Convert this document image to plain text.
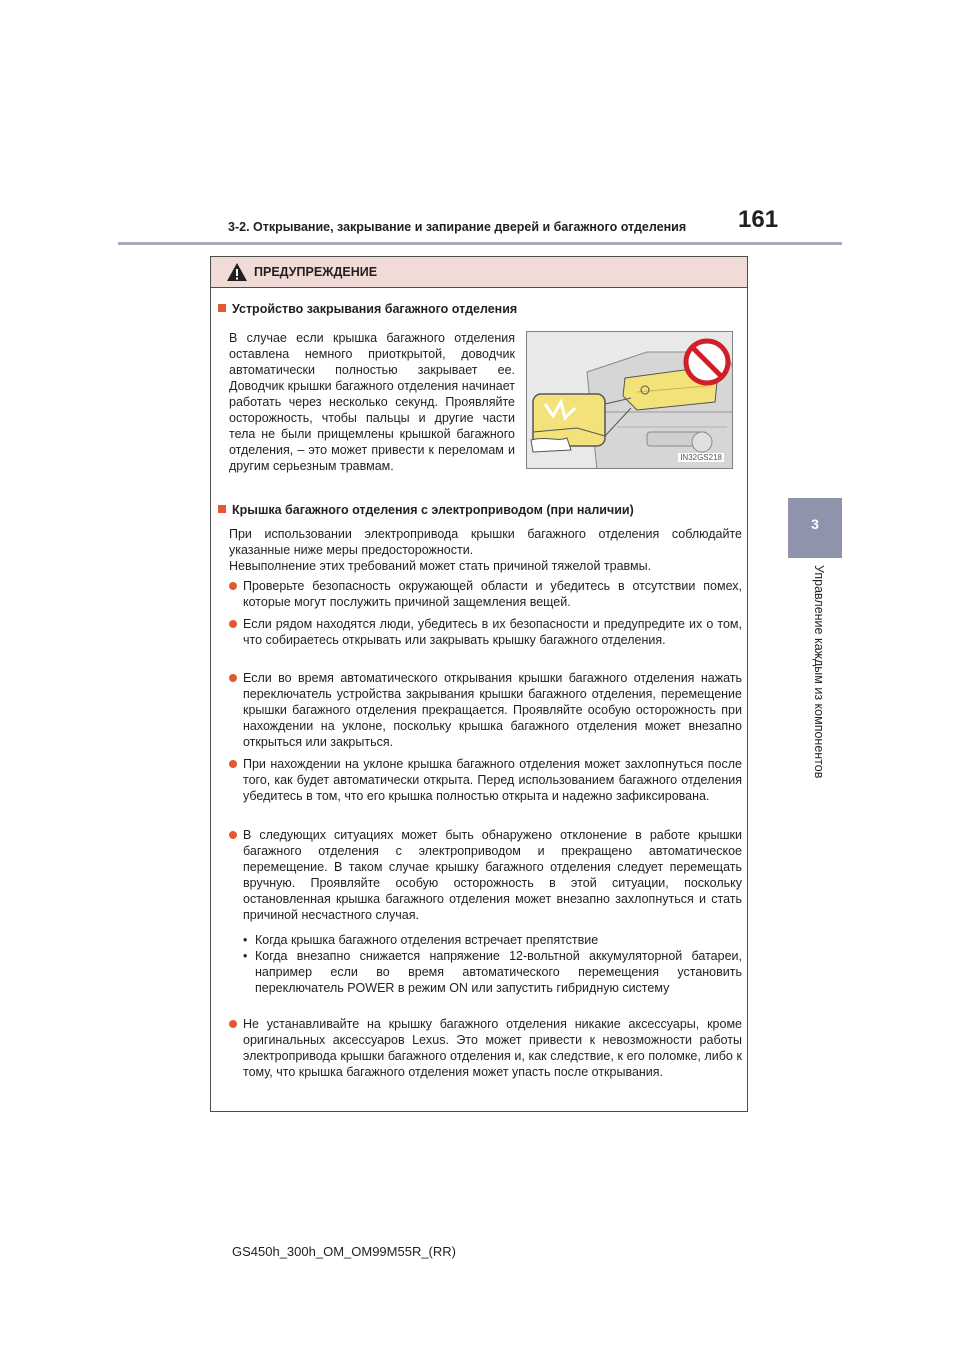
3-2. Открывание, закрывание и запирание дверей и багажного отделения 161
3
Управление каждым из компонентов
ПРЕДУПРЕЖДЕНИЕ
Устройство закрывания багажного отделения
В случае если крышка багажного отделения оставлена немного приоткрытой, доводчик автоматически полностью закрывает ее. Доводчик крышки багажного отделения начинает работать через несколько секунд. Проявляйте осторожность, чтобы пальцы и другие части тела не были прищемлены крышкой багажного отделения, – это может привести к переломам и другим серьезным травмам.
IN32GS218
Крышка багажного отделения с электроприводом (при наличии)
При использовании электропривода крышки багажного отделения соблюдайте указанные ниже меры предосторожности.
Невыполнение этих требований может стать причиной тяжелой травмы.
Проверьте безопасность окружающей области и убедитесь в отсутствии помех, которые могут послужить причиной защемления вещей.
Если рядом находятся люди, убедитесь в их безопасности и предупредите их о том, что собираетесь открывать или закрывать крышку багажного отделения.
Если во время автоматического открывания крышки багажного отделения нажать переключатель устройства закрывания крышки багажного отделения, перемещение крышки багажного отделения прекращается. Проявляйте особую осторожность при нахождении на уклоне, поскольку крышка багажного отделения может внезапно открыться или закрыться.
При нахождении на уклоне крышка багажного отделения может захлопнуться после того, как будет автоматически открыта. Перед использованием багажного отделения убедитесь в том, что его крышка полностью открыта и надежно зафиксирована.
В следующих ситуациях может быть обнаружено отклонение в работе крышки багажного отделения с электроприводом и прекращено автоматическое перемещение. В таком случае крышку багажного отделения следует перемещать вручную. Проявляйте особую осторожность в этой ситуации, поскольку остановленная крышка багажного отделения может внезапно захлопнуться и стать причиной несчастного случая.
• Когда крышка багажного отделения встречает препятствие
• Когда внезапно снижается напряжение 12-вольтной аккумуляторной батареи, например если во время автоматического перемещения установить переключатель POWER в режим ON или запустить гибридную систему
Не устанавливайте на крышку багажного отделения никакие аксессуары, кроме оригинальных аксессуаров Lexus. Это может привести к невозможности работы электропривода крышки багажного отделения и, как следствие, к его поломке, либо к тому, что крышка багажного отделения может упасть после открывания.
GS450h_300h_OM_OM99M55R_(RR)
